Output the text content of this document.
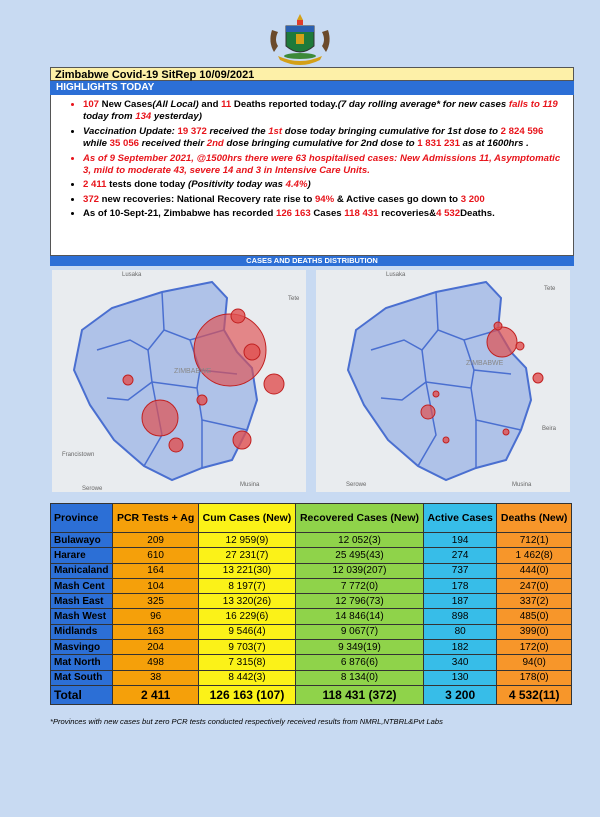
Zimbabwe Covid-19 SitRep 10/09/2021
HIGHLIGHTS TODAY
• 107 New Cases(All Local) and 11 Deaths reported today.(7 day rolling average* for new cases falls to 119 today from 134 yesterday)
• Vaccination Update: 19 372 received the 1st dose today bringing cumulative for 1st dose to 2 824 596 while 35 056 received their 2nd dose bringing cumulative for 2nd dose to 1 831 231 as at 1600hrs .
• As of 9 September 2021, @1500hrs there were 63 hospitalised cases: New Admissions 11, Asymptomatic 3, mild to moderate 43, severe 14 and 3 in Intensive Care Units.
• 2 411 tests done today (Positivity today was 4.4%)
• 372 new recoveries: National Recovery rate rise to 94% & Active cases go down to 3 200
• As of 10-Sept-21, Zimbabwe has recorded 126 163 Cases 118 431 recoveries&4 532Deaths.
CASES AND DEATHS DISTRIBUTION
Lusaka
Tete
ZIMBABWE
Francistown
Serowe
Musina
ZIMBABWE
Lusaka
Tete
Beira
Serowe	Musina
Province	PCR Tests + Ag	Cum Cases (New)	Recovered Cases (New)	Active Cases	Deaths (New)
Bulawayo	209	12 959(9)	12 052(3)	194	712(1)
Harare	610	27 231(7)	25 495(43)	274	1 462(8)
Manicaland	164	13 221(30)	12 039(207)	737	444(0)
Mash Cent	104	8 197(7)	7 772(0)	178	247(0)
Mash East	325	13 320(26)	12 796(73)	187	337(2)
Mash West	96	16 229(6)	14 846(14)	898	485(0)
Midlands	163	9 546(4)	9 067(7)	80	399(0)
Masvingo	204	9 703(7)	9 349(19)	182	172(0)
Mat North	498	7 315(8)	6 876(6)	340	94(0)
Mat South	38	8 442(3)	8 134(0)	130	178(0)
Total	2 411	126 163 (107)	118 431 (372)	3 200	4 532(11)
*Provinces with new cases but zero PCR tests conducted respectively received results from NMRL,NTBRL&Pvt Labs
